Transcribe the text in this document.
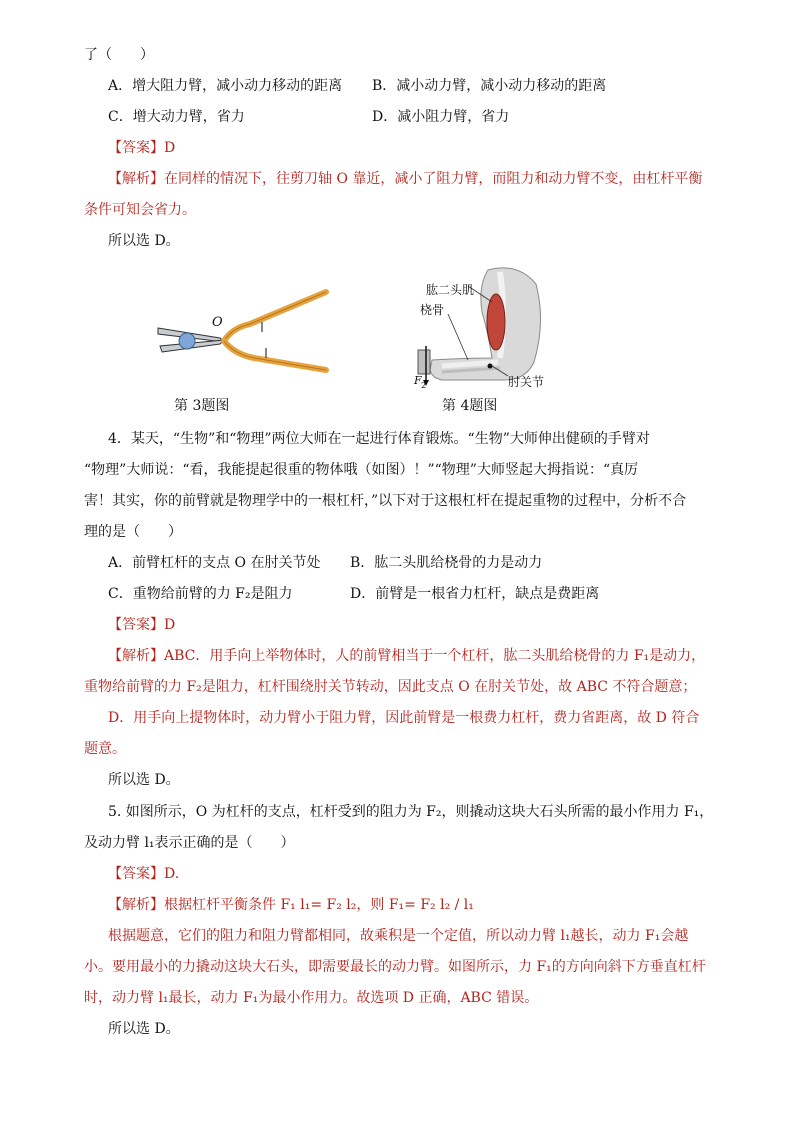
了（　　）
A．增大阻力臂，减小动力移动的距离 B．减小动力臂，减小动力移动的距离
C．增大动力臂，省力	D．减小阻力臂，省力
【答案】D
【解析】在同样的情况下，往剪刀轴 O 靠近，减小了阻力臂，而阻力和动力臂不变，由杠杆平衡
条件可知会省力。
所以选 D。
O
第 3题图
肱二头肌
桡骨
肘关节
F 2
第 4题图
4．某天，“生物”和“物理”两位大师在一起进行体育锻炼。“生物”大师伸出健硕的手臂对
“物理”大师说：“看，我能提起很重的物体哦（如图）！”“物理”大师竖起大拇指说：“真厉
害！其实，你的前臂就是物理学中的一根杠杆，”以下对于这根杠杆在提起重物的过程中，分析不合
理的是（　　）
A．前臂杠杆的支点 O 在肘关节处 B．肱二头肌给桡骨的力是动力
C．重物给前臂的力 F₂是阻力	D．前臂是一根省力杠杆，缺点是费距离
【答案】D
【解析】ABC．用手向上举物体时，人的前臂相当于一个杠杆，肱二头肌给桡骨的力 F₁是动力，
重物给前臂的力 F₂是阻力，杠杆围绕肘关节转动，因此支点 O 在肘关节处，故 ABC 不符合题意；
D．用手向上提物体时，动力臂小于阻力臂，因此前臂是一根费力杠杆，费力省距离，故 D 符合
题意。
所以选 D。
5. 如图所示，O 为杠杆的支点，杠杆受到的阻力为 F₂，则撬动这块大石头所需的最小作用力 F₁，
及动力臂 l₁表示正确的是（　　）
【答案】D.
【解析】根据杠杆平衡条件 F₁ l₁= F₂ l₂，则 F₁= F₂ l₂ / l₁
根据题意，它们的阻力和阻力臂都相同，故乘积是一个定值，所以动力臂 l₁越长，动力 F₁会越
小。要用最小的力撬动这块大石头，即需要最长的动力臂。如图所示，力 F₁的方向向斜下方垂直杠杆
时，动力臂 l₁最长，动力 F₁为最小作用力。故选项 D 正确，ABC 错误。
所以选 D。
